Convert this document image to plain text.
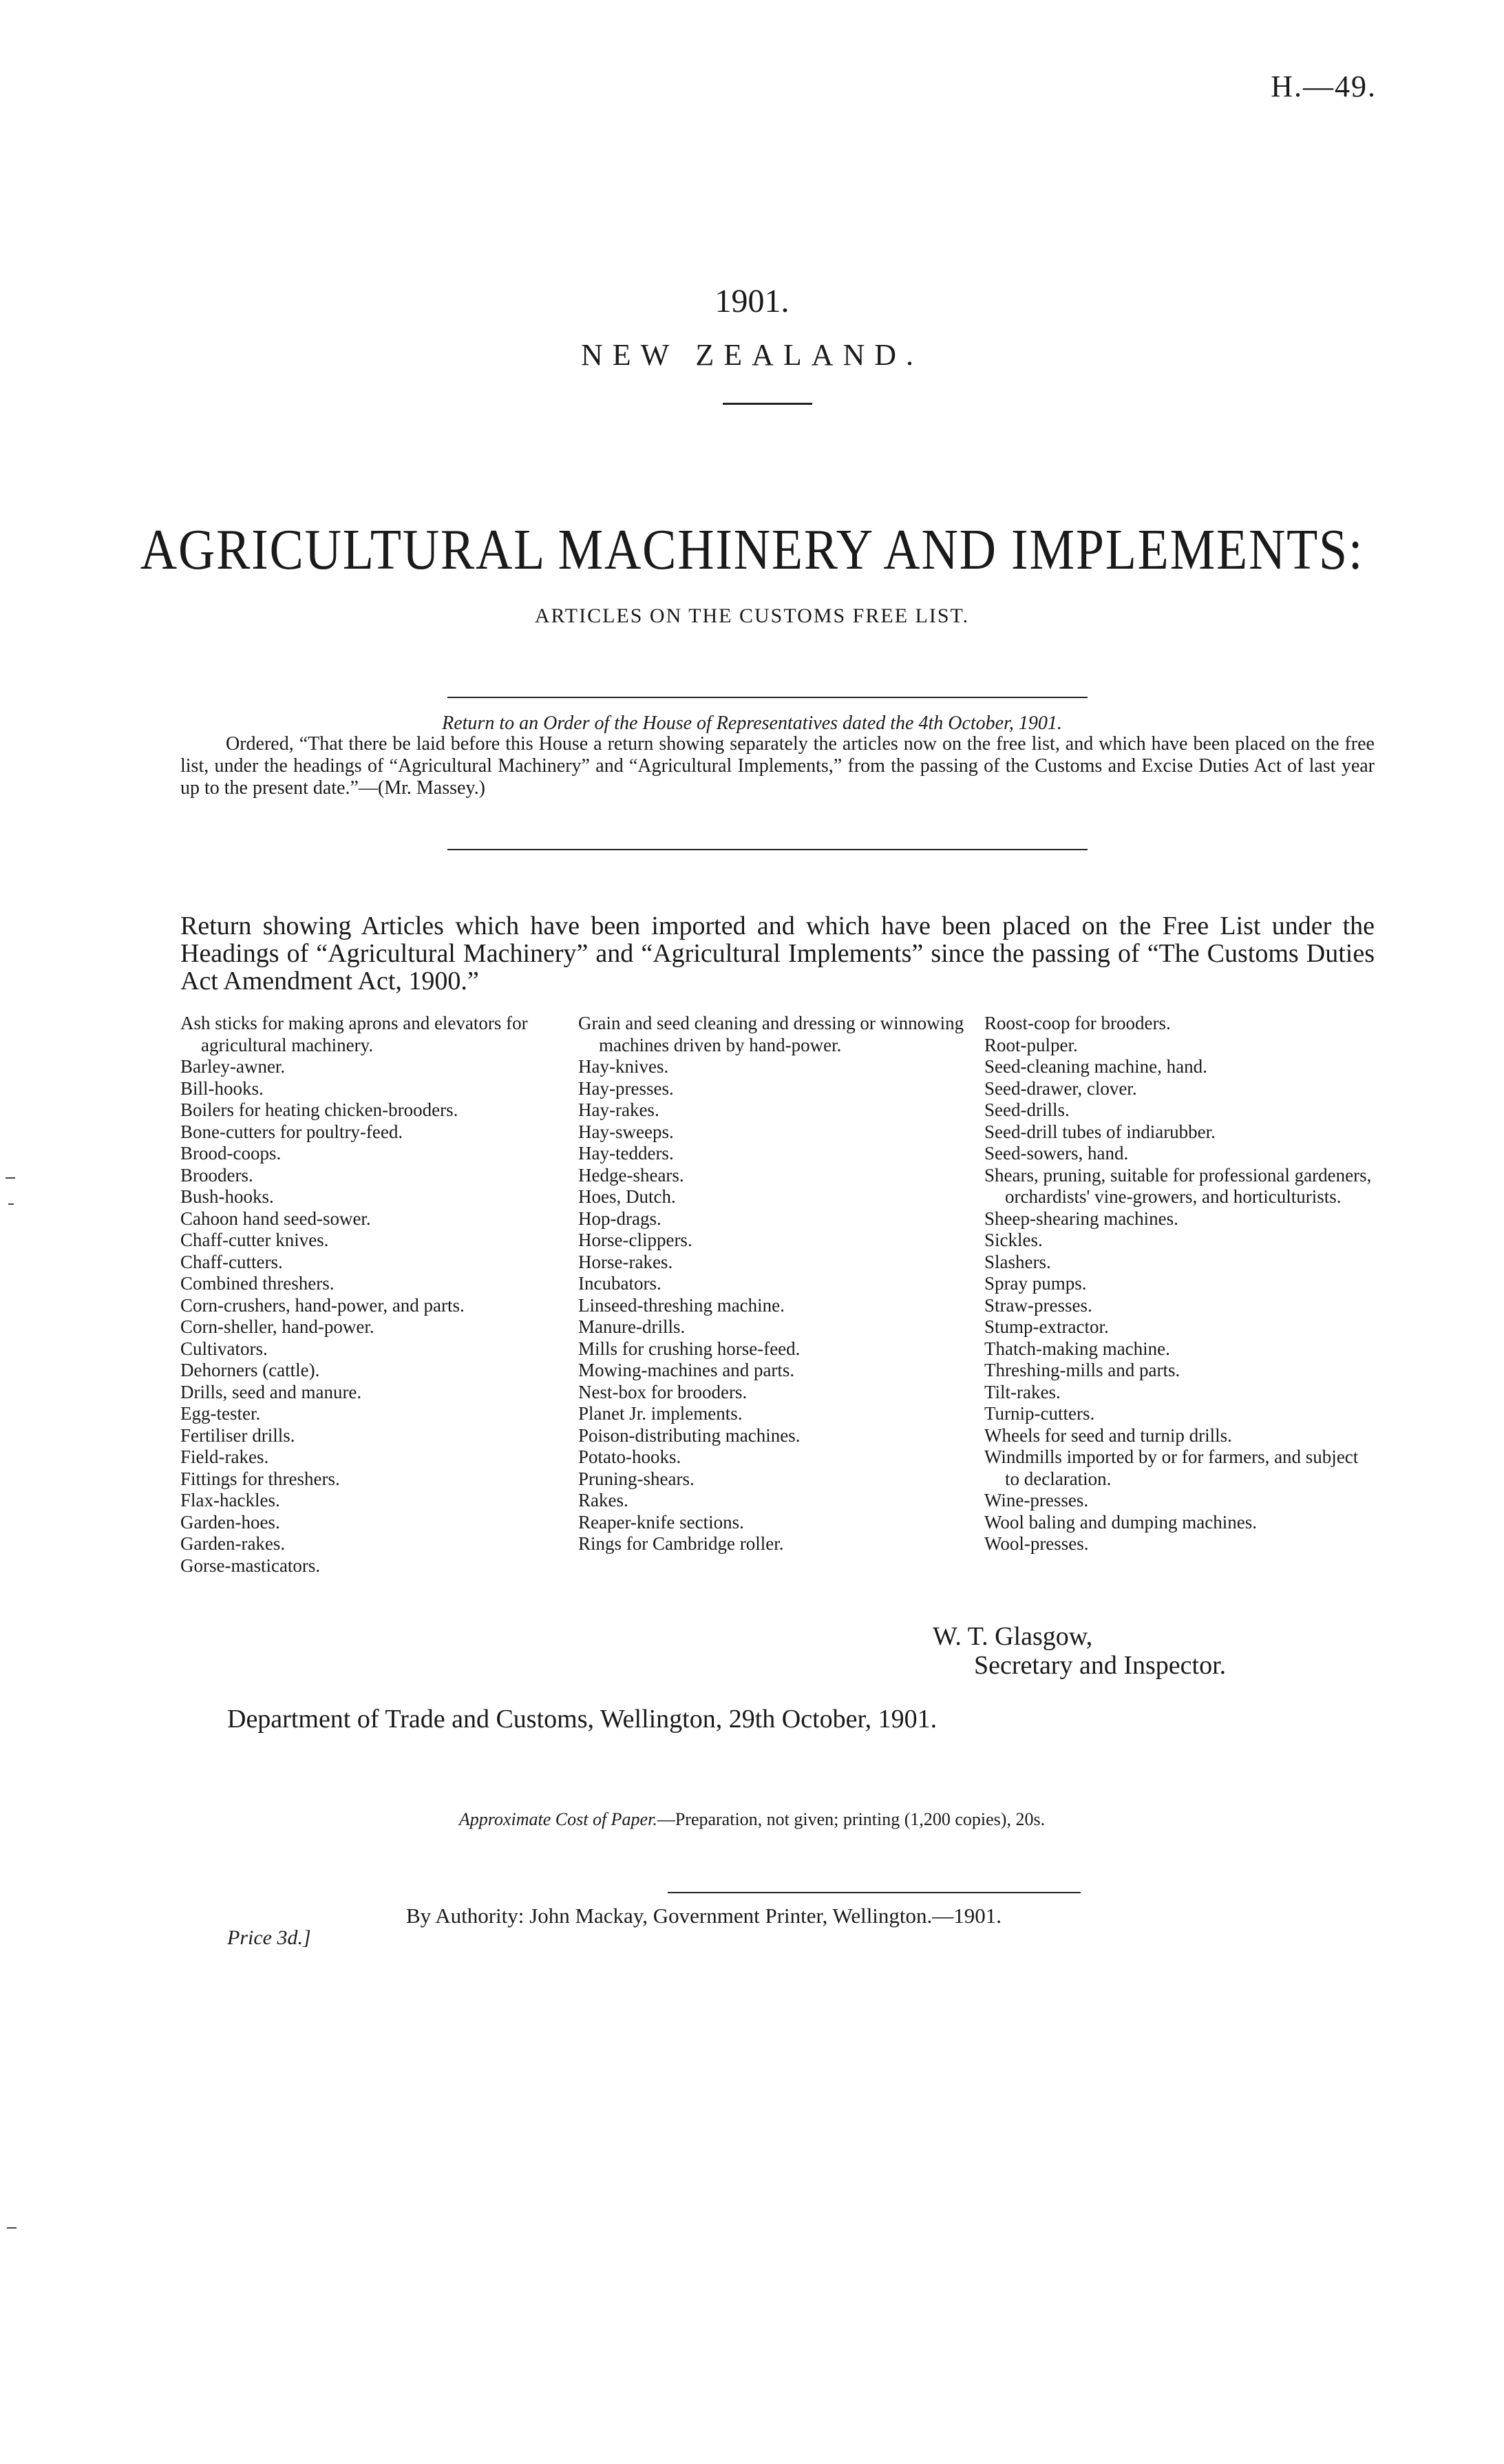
H.—49.
1901.
NEW ZEALAND.
AGRICULTURAL MACHINERY AND IMPLEMENTS:
ARTICLES ON THE CUSTOMS FREE LIST.
Return to an Order of the House of Representatives dated the 4th October, 1901.
Ordered, “That there be laid before this House a return showing separately the articles now on the free list, and which have been placed on the free list, under the headings of “Agricultural Machinery” and “Agricultural Implements,” from the passing of the Customs and Excise Duties Act of last year up to the present date.”—(Mr. Massey.)
Return showing Articles which have been imported and which have been placed on the Free List under the Headings of “Agricultural Machinery” and “Agricultural Implements” since the passing of “The Customs Duties Act Amendment Act, 1900.”
Ash sticks for making aprons and elevators for agricultural machinery.
Barley-awner.
Bill-hooks.
Boilers for heating chicken-brooders.
Bone-cutters for poultry-feed.
Brood-coops.
Brooders.
Bush-hooks.
Cahoon hand seed-sower.
Chaff-cutter knives.
Chaff-cutters.
Combined threshers.
Corn-crushers, hand-power, and parts.
Corn-sheller, hand-power.
Cultivators.
Dehorners (cattle).
Drills, seed and manure.
Egg-tester.
Fertiliser drills.
Field-rakes.
Fittings for threshers.
Flax-hackles.
Garden-hoes.
Garden-rakes.
Gorse-masticators.
Grain and seed cleaning and dressing or winnowing machines driven by hand-power.
Hay-knives.
Hay-presses.
Hay-rakes.
Hay-sweeps.
Hay-tedders.
Hedge-shears.
Hoes, Dutch.
Hop-drags.
Horse-clippers.
Horse-rakes.
Incubators.
Linseed-threshing machine.
Manure-drills.
Mills for crushing horse-feed.
Mowing-machines and parts.
Nest-box for brooders.
Planet Jr. implements.
Poison-distributing machines.
Potato-hooks.
Pruning-shears.
Rakes.
Reaper-knife sections.
Rings for Cambridge roller.
Roost-coop for brooders.
Root-pulper.
Seed-cleaning machine, hand.
Seed-drawer, clover.
Seed-drills.
Seed-drill tubes of indiarubber.
Seed-sowers, hand.
Shears, pruning, suitable for professional gardeners, orchardists' vine-growers, and horticulturists.
Sheep-shearing machines.
Sickles.
Slashers.
Spray pumps.
Straw-presses.
Stump-extractor.
Thatch-making machine.
Threshing-mills and parts.
Tilt-rakes.
Turnip-cutters.
Wheels for seed and turnip drills.
Windmills imported by or for farmers, and subject to declaration.
Wine-presses.
Wool baling and dumping machines.
Wool-presses.
W. T. Glasgow,
Secretary and Inspector.
Department of Trade and Customs, Wellington, 29th October, 1901.
Approximate Cost of Paper.—Preparation, not given; printing (1,200 copies), 20s.
By Authority: John Mackay, Government Printer, Wellington.—1901.
Price 3d.]
